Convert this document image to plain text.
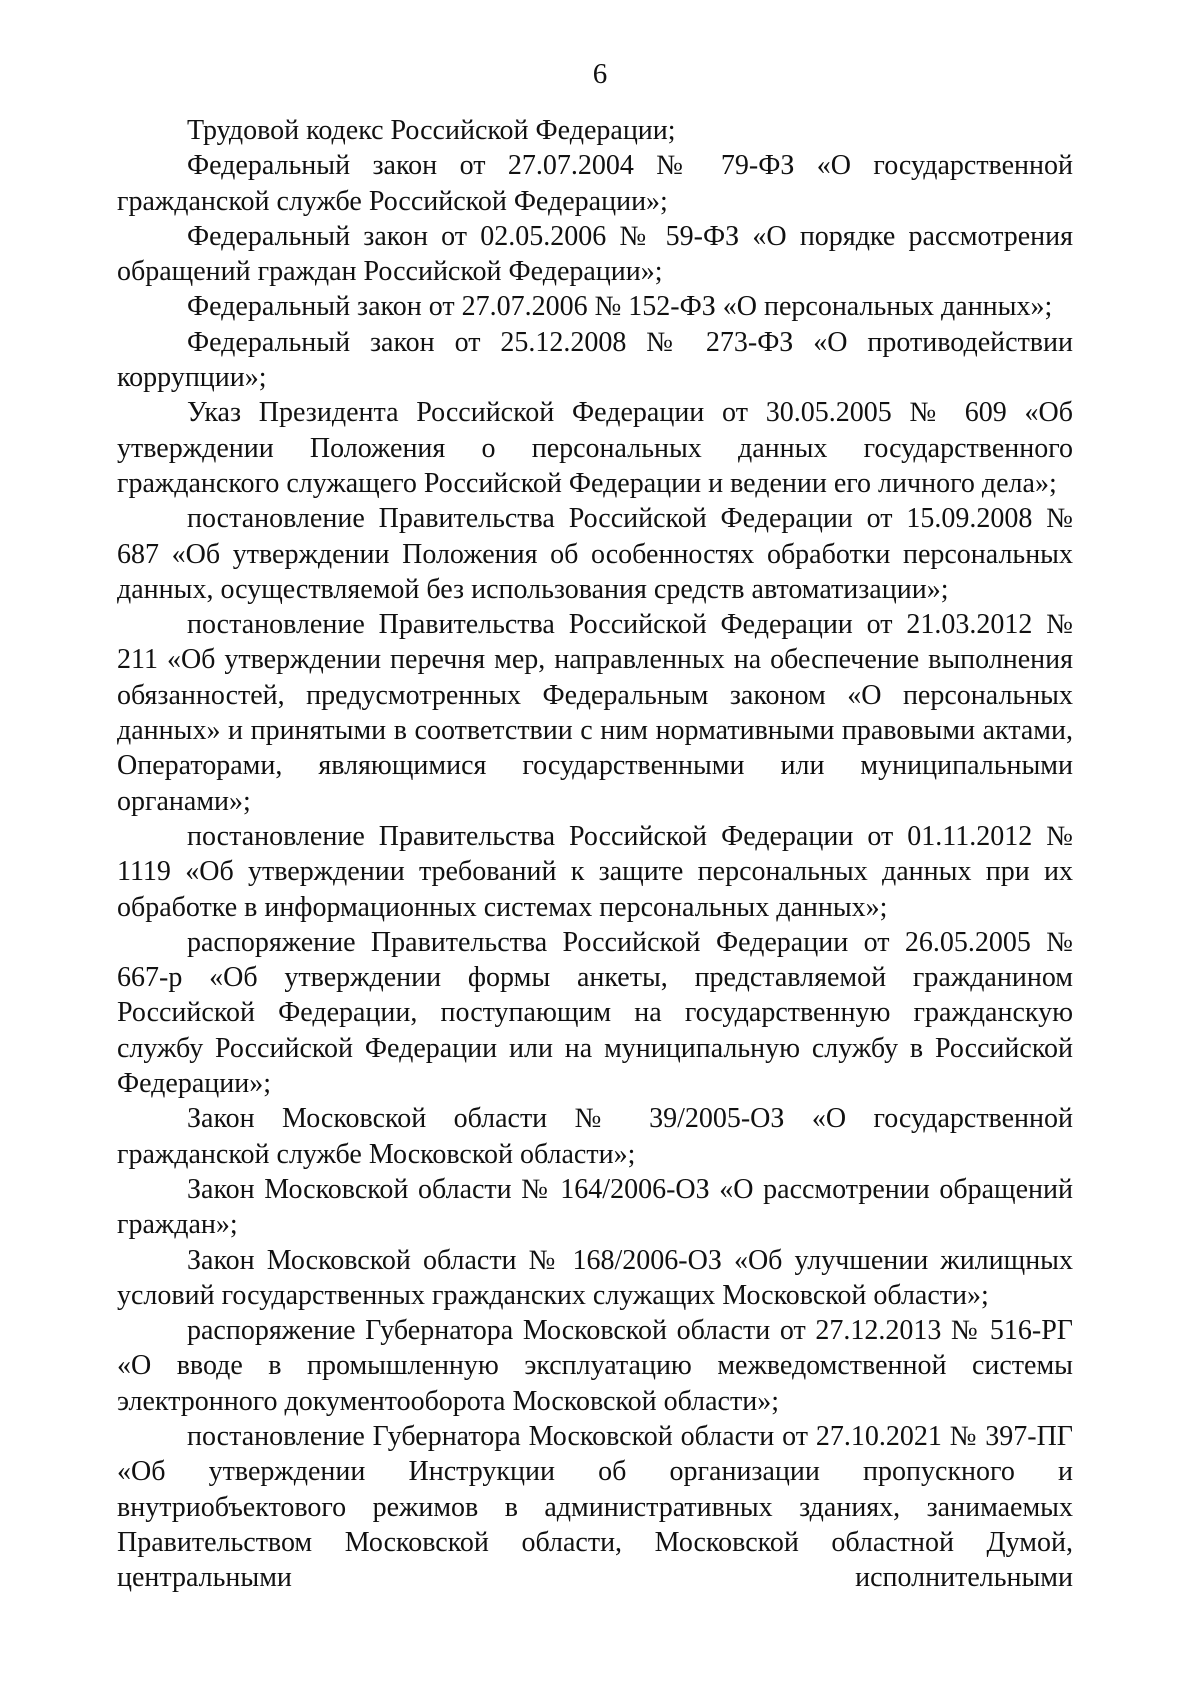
6

Трудовой кодекс Российской Федерации;

Федеральный закон от 27.07.2004 № 79-ФЗ «О государственной гражданской службе Российской Федерации»;

Федеральный закон от 02.05.2006 № 59-ФЗ «О порядке рассмотрения обращений граждан Российской Федерации»;

Федеральный закон от 27.07.2006 № 152-ФЗ «О персональных данных»;

Федеральный закон от 25.12.2008 № 273-ФЗ «О противодействии коррупции»;

Указ Президента Российской Федерации от 30.05.2005 № 609 «Об утверждении Положения о персональных данных государственного гражданского служащего Российской Федерации и ведении его личного дела»;

постановление Правительства Российской Федерации от 15.09.2008 № 687 «Об утверждении Положения об особенностях обработки персональных данных, осуществляемой без использования средств автоматизации»;

постановление Правительства Российской Федерации от 21.03.2012 № 211 «Об утверждении перечня мер, направленных на обеспечение выполнения обязанностей, предусмотренных Федеральным законом «О персональных данных» и принятыми в соответствии с ним нормативными правовыми актами, Операторами, являющимися государственными или муниципальными органами»;

постановление Правительства Российской Федерации от 01.11.2012 № 1119 «Об утверждении требований к защите персональных данных при их обработке в информационных системах персональных данных»;

распоряжение Правительства Российской Федерации от 26.05.2005 № 667-р «Об утверждении формы анкеты, представляемой гражданином Российской Федерации, поступающим на государственную гражданскую службу Российской Федерации или на муниципальную службу в Российской Федерации»;

Закон Московской области № 39/2005-ОЗ «О государственной гражданской службе Московской области»;

Закон Московской области № 164/2006-ОЗ «О рассмотрении обращений граждан»;

Закон Московской области № 168/2006-ОЗ «Об улучшении жилищных условий государственных гражданских служащих Московской области»;

распоряжение Губернатора Московской области от 27.12.2013 № 516-РГ «О вводе в промышленную эксплуатацию межведомственной системы электронного документооборота Московской области»;

постановление Губернатора Московской области от 27.10.2021 № 397-ПГ «Об утверждении Инструкции об организации пропускного и внутриобъектового режимов в административных зданиях, занимаемых Правительством Московской области, Московской областной Думой, центральными исполнительными
